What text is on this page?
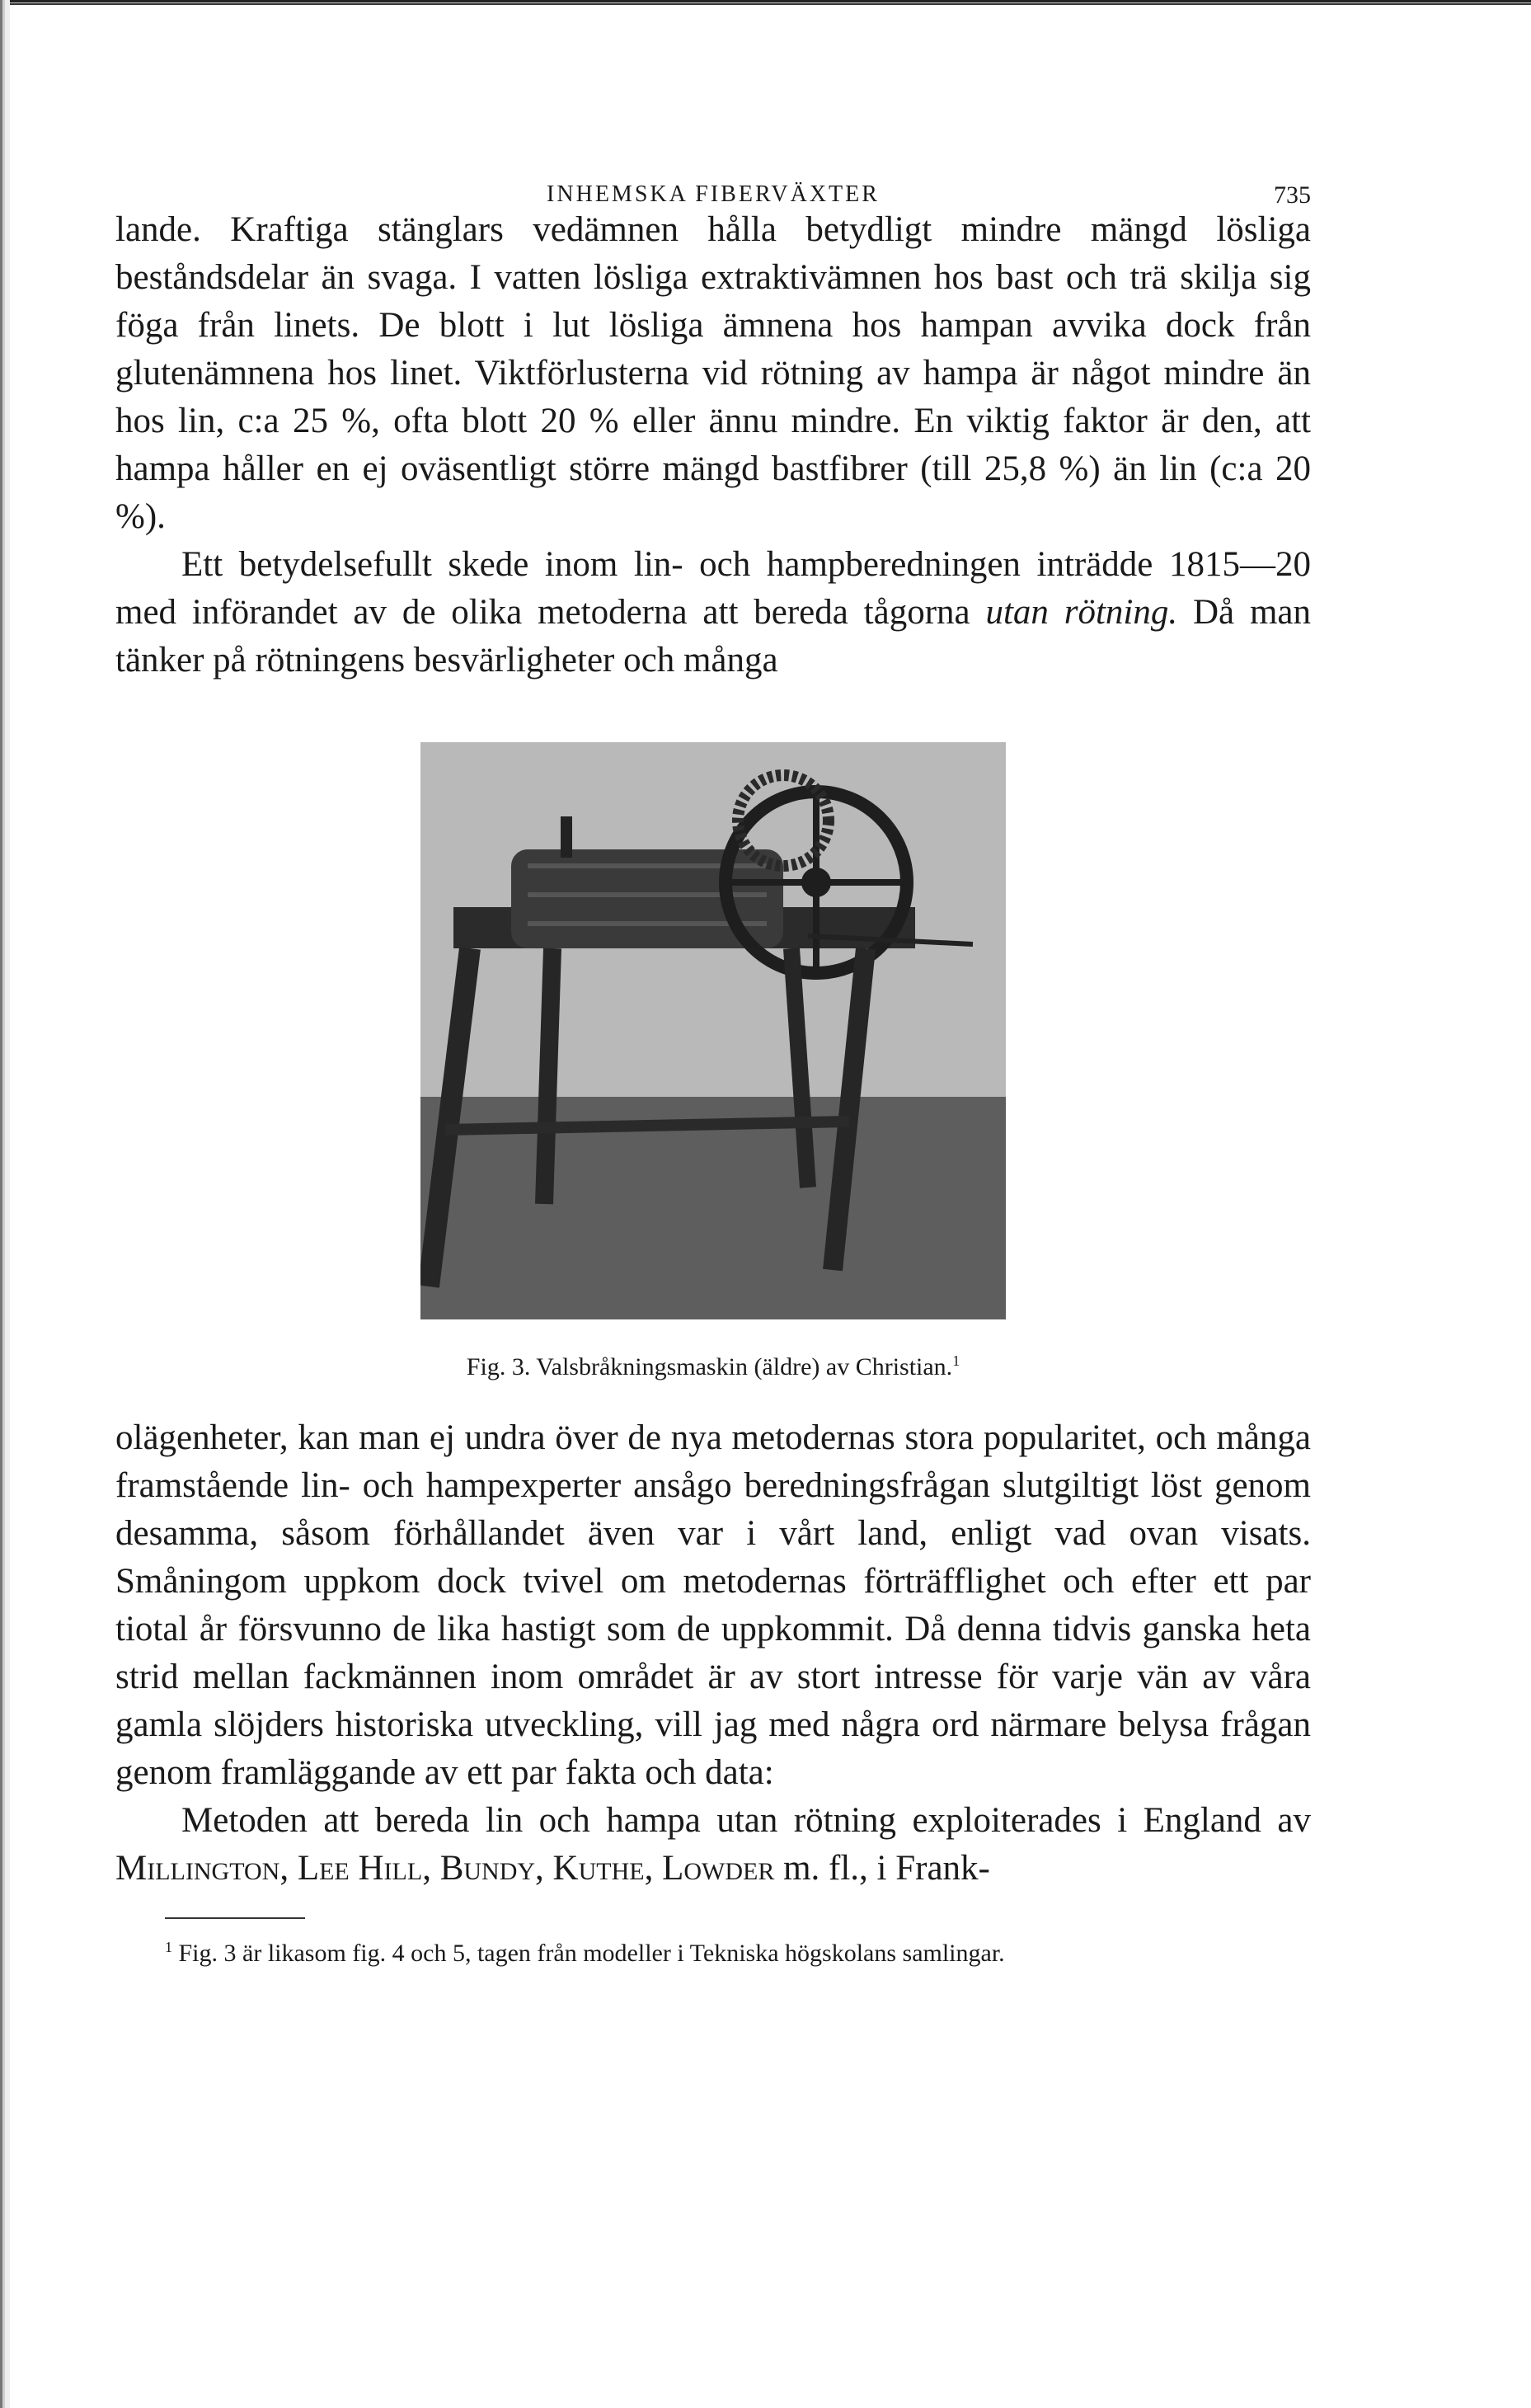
INHEMSKA FIBERVÄXTER	735

lande. Kraftiga stänglars vedämnen hålla betydligt mindre mängd lösliga beståndsdelar än svaga. I vatten lösliga extraktivämnen hos bast och trä skilja sig föga från linets. De blott i lut lösliga ämnena hos hampan avvika dock från glutenämnena hos linet. Viktförlusterna vid rötning av hampa är något mindre än hos lin, c:a 25 %, ofta blott 20 % eller ännu mindre. En viktig faktor är den, att hampa håller en ej oväsentligt större mängd bastfibrer (till 25,8 %) än lin (c:a 20 %).

Ett betydelsefullt skede inom lin- och hampberedningen inträdde 1815—20 med införandet av de olika metoderna att bereda tågorna utan rötning. Då man tänker på rötningens besvärligheter och många

Fig. 3. Valsbråkningsmaskin (äldre) av Christian.$^1$

olägenheter, kan man ej undra över de nya metodernas stora popularitet, och många framstående lin- och hampexperter ansågo beredningsfrågan slutgiltigt löst genom desamma, såsom förhållandet även var i vårt land, enligt vad ovan visats. Småningom uppkom dock tvivel om metodernas förträfflighet och efter ett par tiotal år försvunno de lika hastigt som de uppkommit. Då denna tidvis ganska heta strid mellan fackmännen inom området är av stort intresse för varje vän av våra gamla slöjders historiska utveckling, vill jag med några ord närmare belysa frågan genom framläggande av ett par fakta och data:

Metoden att bereda lin och hampa utan rötning exploiterades i England av Millington, Lee Hill, Bundy, Kuthe, Lowder m. fl., i Frank-

$^1$ Fig. 3 är likasom fig. 4 och 5, tagen från modeller i Tekniska högskolans samlingar.
